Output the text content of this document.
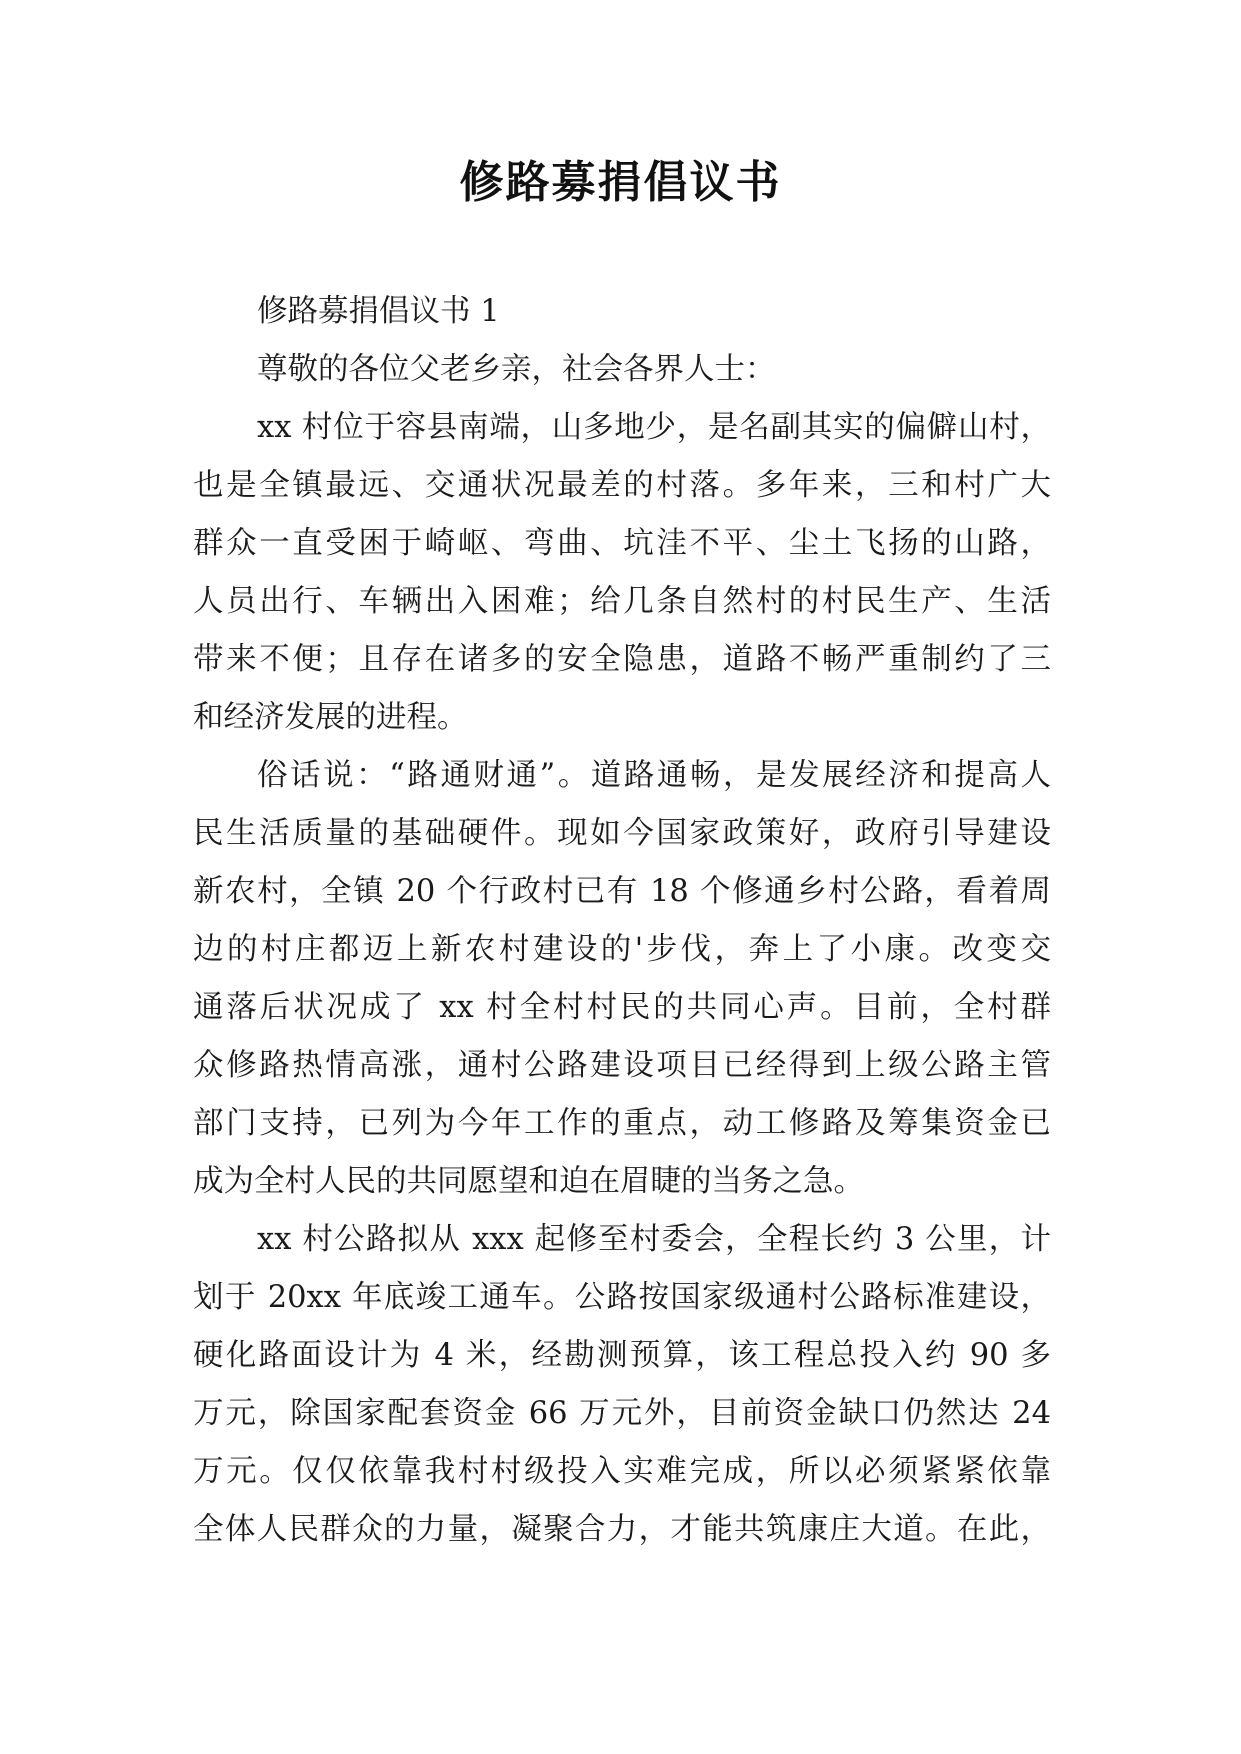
修路募捐倡议书
修路募捐倡议书 1
尊敬的各位父老乡亲，社会各界人士：
xx 村位于容县南端，山多地少，是名副其实的偏僻山村，
也是全镇最远、交通状况最差的村落。多年来，三和村广大
群众一直受困于崎岖、弯曲、坑洼不平、尘土飞扬的山路，
人员出行、车辆出入困难；给几条自然村的村民生产、生活
带来不便；且存在诸多的安全隐患，道路不畅严重制约了三
和经济发展的进程。
俗话说：“路通财通”。道路通畅，是发展经济和提高人
民生活质量的基础硬件。现如今国家政策好，政府引导建设
新农村，全镇 20 个行政村已有 18 个修通乡村公路，看着周
边的村庄都迈上新农村建设的'步伐，奔上了小康。改变交
通落后状况成了 xx 村全村村民的共同心声。目前，全村群
众修路热情高涨，通村公路建设项目已经得到上级公路主管
部门支持，已列为今年工作的重点，动工修路及筹集资金已
成为全村人民的共同愿望和迫在眉睫的当务之急。
xx 村公路拟从 xxx 起修至村委会，全程长约 3 公里，计
划于 20xx 年底竣工通车。公路按国家级通村公路标准建设，
硬化路面设计为 4 米，经勘测预算，该工程总投入约 90 多
万元，除国家配套资金 66 万元外，目前资金缺口仍然达 24
万元。仅仅依靠我村村级投入实难完成，所以必须紧紧依靠
全体人民群众的力量，凝聚合力，才能共筑康庄大道。在此，
